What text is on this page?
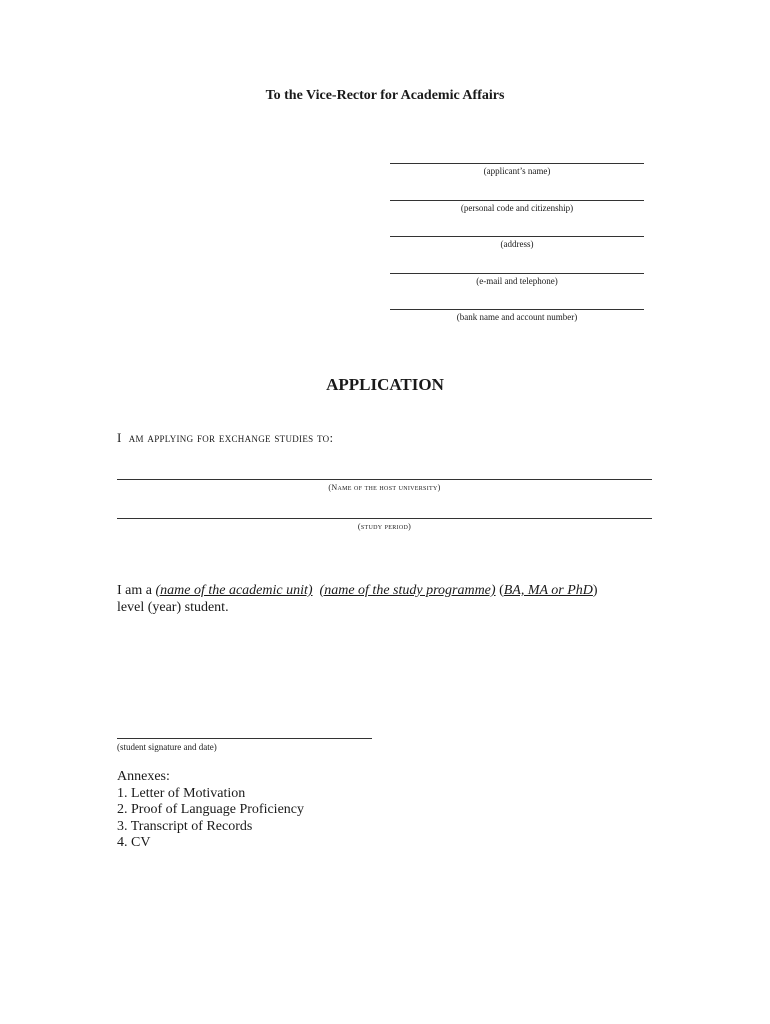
To the Vice-Rector for Academic Affairs
(applicant’s name)
(personal code and citizenship)
(address)
(e-mail and telephone)
(bank name and account number)
APPLICATION
I am applying for exchange studies to:
(Name of the host university)
(study period)
I am a (name of the academic unit) (name of the study programme) (BA, MA or PhD)
level (year) student.
(student signature and date)
Annexes:
1. Letter of Motivation
2. Proof of Language Proficiency
3. Transcript of Records
4. CV
